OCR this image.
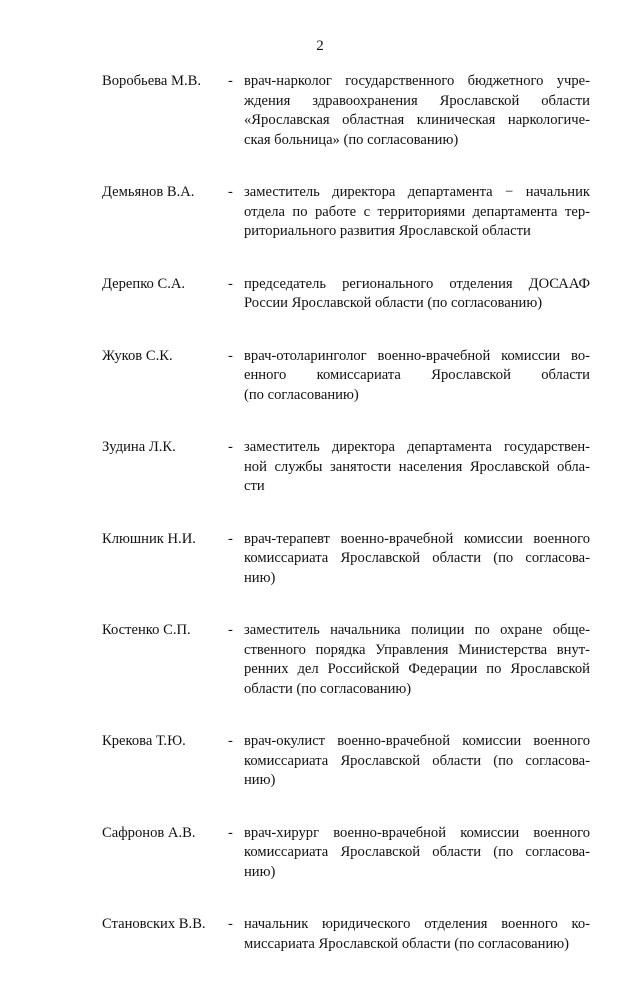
2
Воробьева М.В.	- врач-нарколог государственного бюджетного учре-
ждения здравоохранения Ярославской области
«Ярославская областная клиническая наркологиче-
ская больница» (по согласованию)
Демьянов В.А.	- заместитель директора департамента − начальник
отдела по работе с территориями департамента тер-
риториального развития Ярославской области
Дерепко С.А.	- председатель регионального отделения ДОСААФ
России Ярославской области (по согласованию)
Жуков С.К.	- врач-отоларинголог военно-врачебной комиссии во-
енного комиссариата Ярославской области
(по согласованию)
Зудина Л.К.	- заместитель директора департамента государствен-
ной службы занятости населения Ярославской обла-
сти
Клюшник Н.И.	- врач-терапевт военно-врачебной комиссии военного
комиссариата Ярославской области (по согласова-
нию)
Костенко С.П.	- заместитель начальника полиции по охране обще-
ственного порядка Управления Министерства внут-
ренних дел Российской Федерации по Ярославской
области (по согласованию)
Крекова Т.Ю.	- врач-окулист военно-врачебной комиссии военного
комиссариата Ярославской области (по согласова-
нию)
Сафронов А.В.	- врач-хирург военно-врачебной комиссии военного
комиссариата Ярославской области (по согласова-
нию)
Становских В.В.	- начальник юридического отделения военного ко-
миссариата Ярославской области (по согласованию)
